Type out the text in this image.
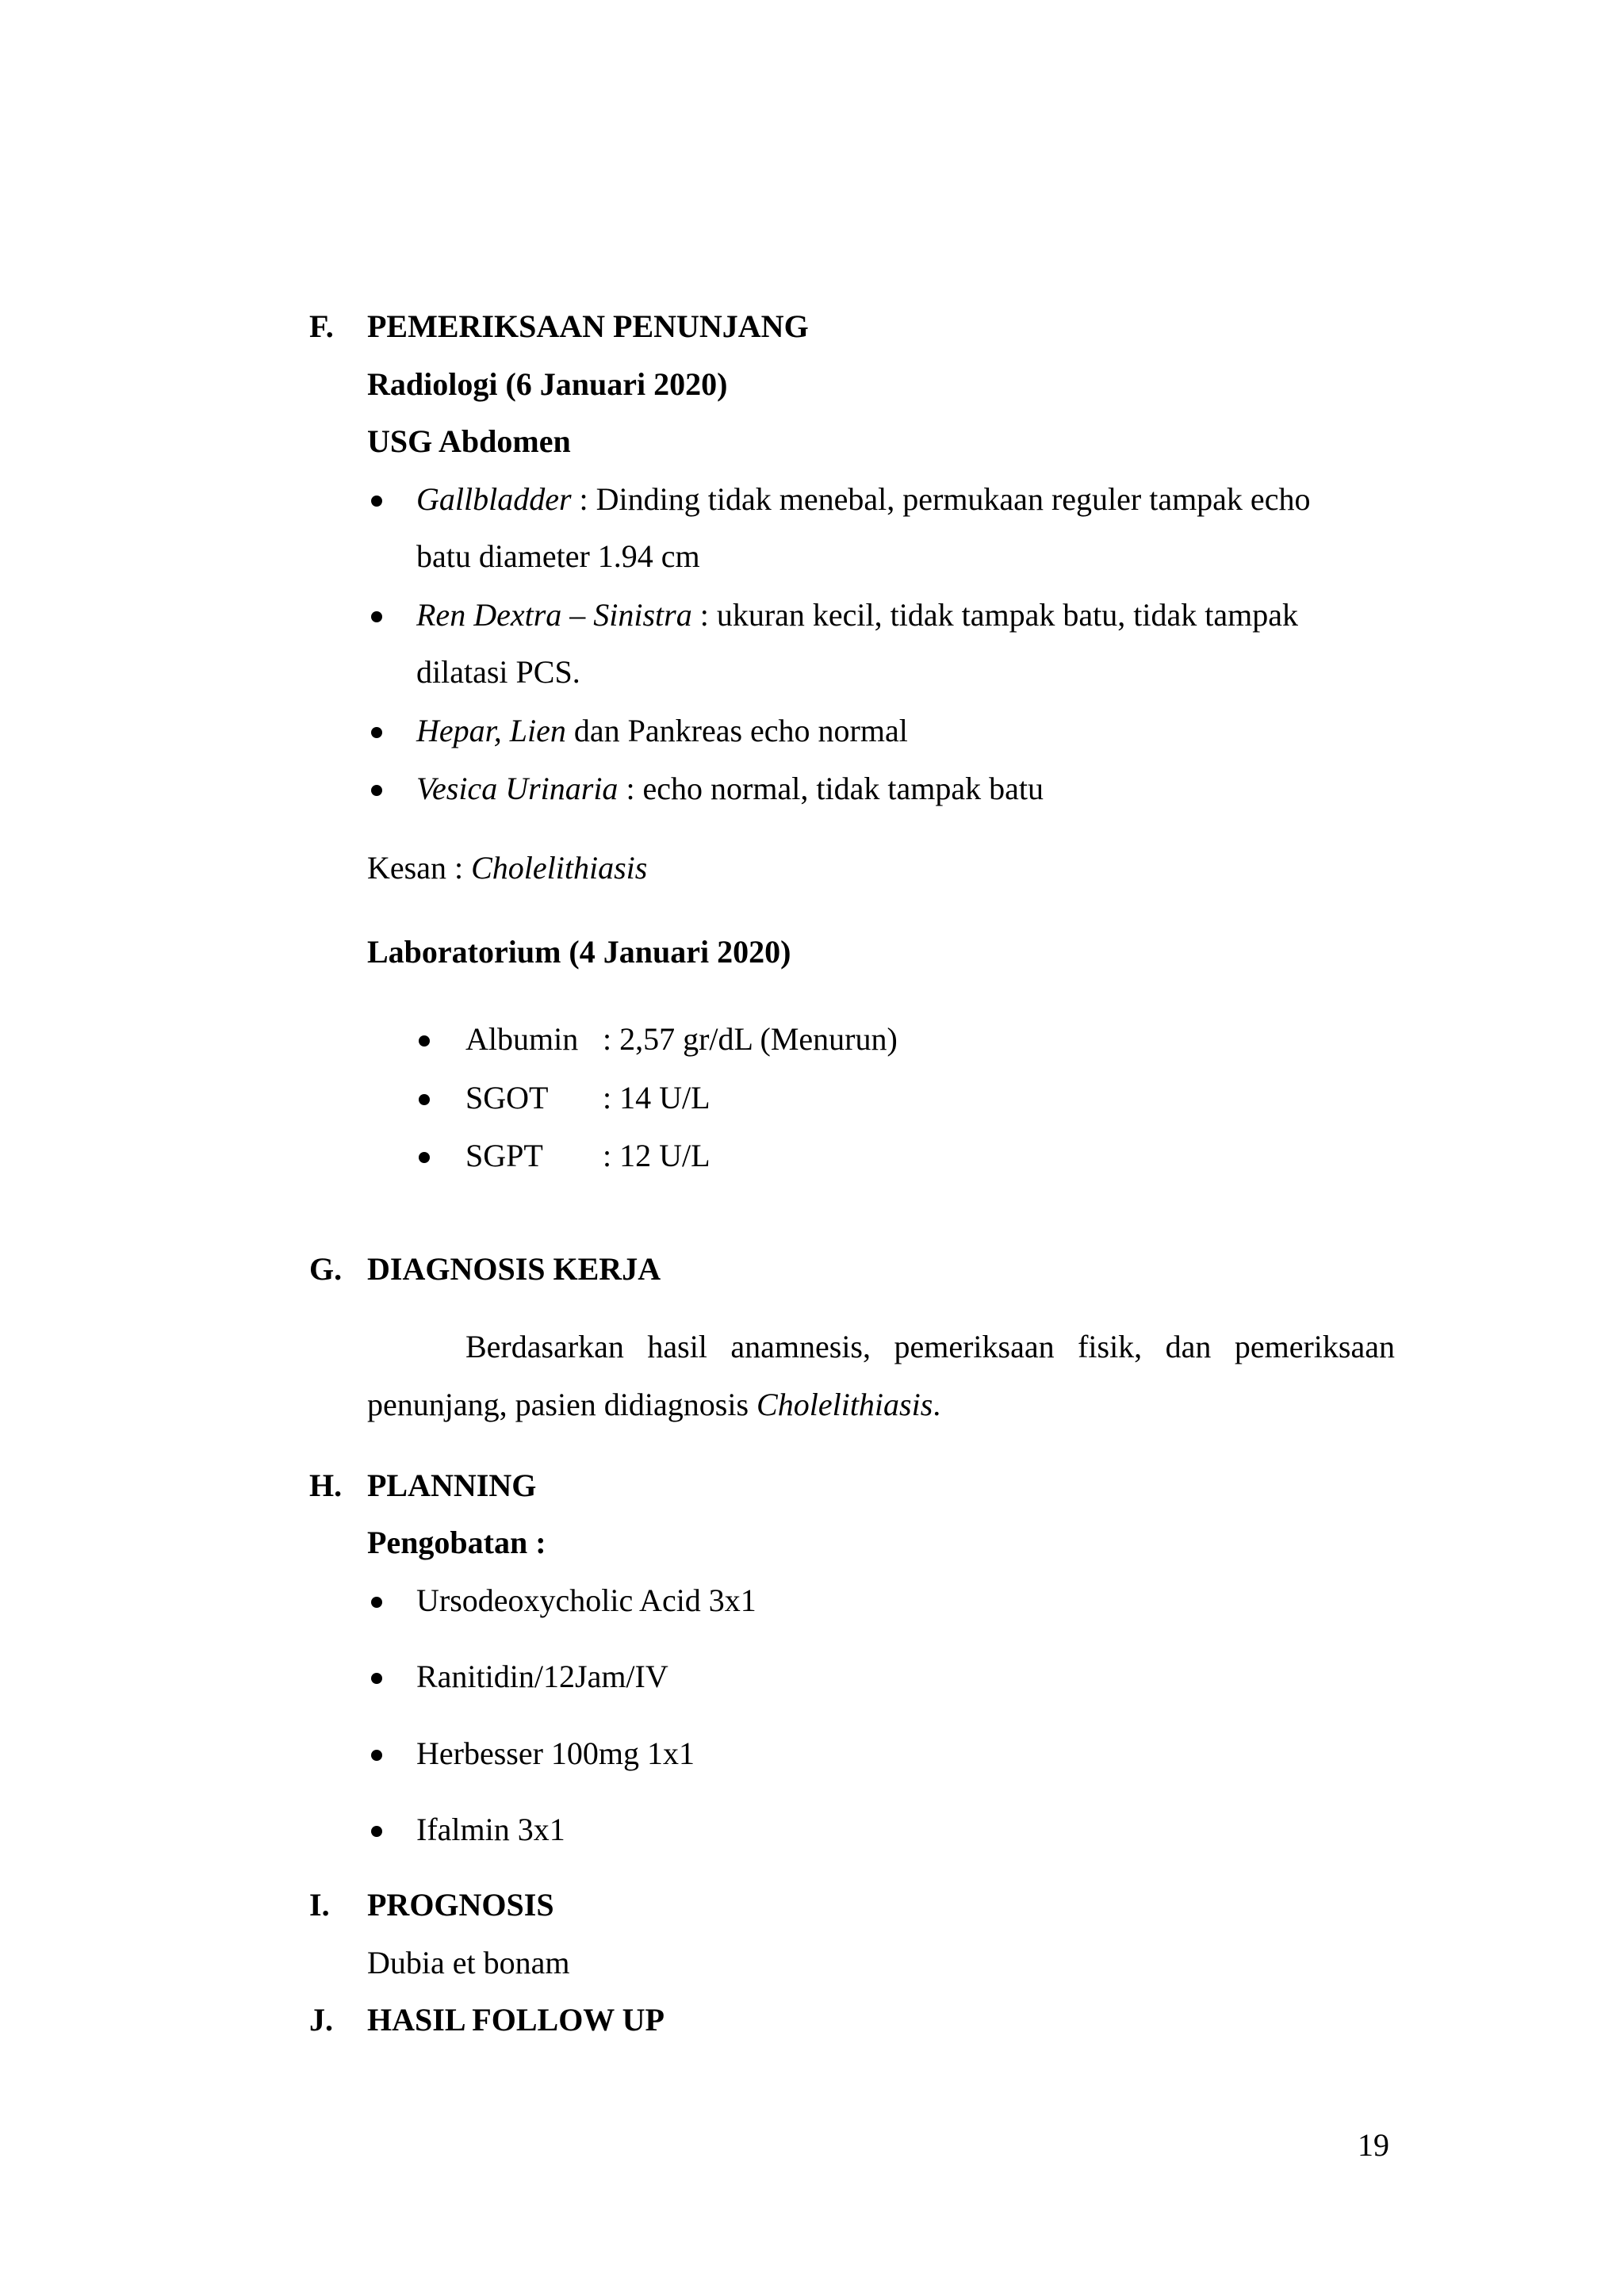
F. PEMERIKSAAN PENUNJANG
Radiologi (6 Januari 2020)
USG Abdomen
Gallbladder : Dinding tidak menebal, permukaan reguler tampak echo
batu diameter 1.94 cm
Ren Dextra – Sinistra : ukuran kecil, tidak tampak batu, tidak tampak
dilatasi PCS.
Hepar, Lien dan Pankreas echo normal
Vesica Urinaria : echo normal, tidak tampak batu
Kesan : Cholelithiasis
Laboratorium (4 Januari 2020)
Albumin : 2,57 gr/dL (Menurun)
SGOT : 14 U/L
SGPT : 12 U/L
G. DIAGNOSIS KERJA
Berdasarkan hasil anamnesis, pemeriksaan fisik, dan pemeriksaan
penunjang, pasien didiagnosis Cholelithiasis.
H. PLANNING
Pengobatan :
Ursodeoxycholic Acid 3x1
Ranitidin/12Jam/IV
Herbesser 100mg 1x1
Ifalmin 3x1
I. PROGNOSIS
Dubia et bonam
J. HASIL FOLLOW UP
19
